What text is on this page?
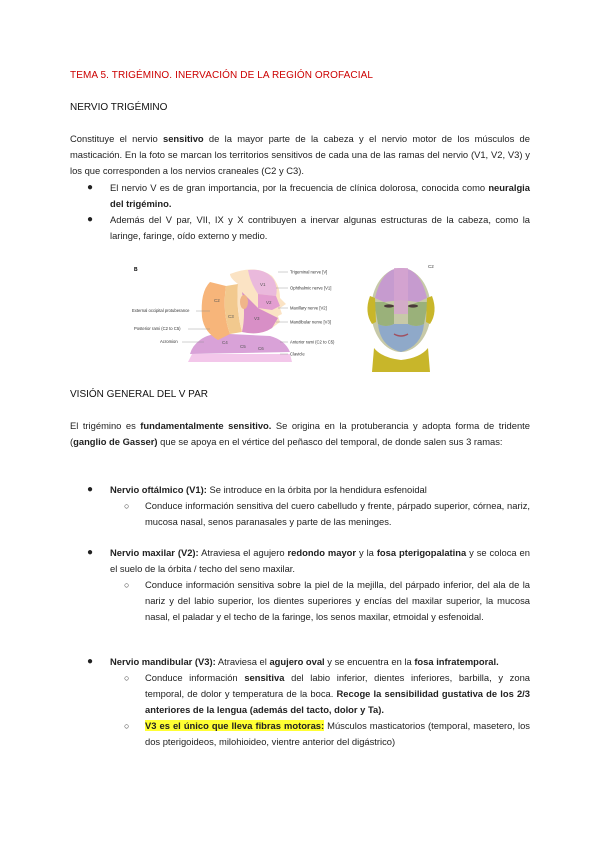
TEMA 5. TRIGÉMINO. INERVACIÓN DE LA REGIÓN OROFACIAL
NERVIO TRIGÉMINO

Constituye el nervio sensitivo de la mayor parte de la cabeza y el nervio motor de los músculos de masticación. En la foto se marcan los territorios sensitivos de cada una de las ramas del nervio (V1, V2, V3) y los que corresponden a los nervios craneales (C2 y C3).

● El nervio V es de gran importancia, por la frecuencia de clínica dolorosa, conocida como neuralgia del trigémino.
● Además del V par, VII, IX y X contribuyen a inervar algunas estructuras de la cabeza, como la laringe, faringe, oído externo y medio.
B
V1
V2
V3
C2
C3
C4
C5	C6
Trigeminal nerve [V]
Ophthalmic nerve [V1]
Maxillary nerve [V2]
Mandibular nerve [V3]
Anterior rami (C2 to C5)
Clavicle
External occipital protuberance
Posterior rami (C2 to C5)
Acromion
C2
VISIÓN GENERAL DEL V PAR

El trigémino es fundamentalmente sensitivo. Se origina en la protuberancia y adopta forma de tridente (ganglio de Gasser) que se apoya en el vértice del peñasco del temporal, de donde salen sus 3 ramas:

● Nervio oftálmico (V1): Se introduce en la órbita por la hendidura esfenoidal
○ Conduce información sensitiva del cuero cabelludo y frente, párpado superior, córnea, nariz, mucosa nasal, senos paranasales y parte de las meninges.
● Nervio maxilar (V2): Atraviesa el agujero redondo mayor y la fosa pterigopalatina y se coloca en el suelo de la órbita / techo del seno maxilar.
○ Conduce información sensitiva sobre la piel de la mejilla, del párpado inferior, del ala de la nariz y del labio superior, los dientes superiores y encías del maxilar superior, la mucosa nasal, el paladar y el techo de la faringe, los senos maxilar, etmoidal y esfenoidal.
● Nervio mandibular (V3): Atraviesa el agujero oval y se encuentra en la fosa infratemporal.
○ Conduce información sensitiva del labio inferior, dientes inferiores, barbilla, y zona temporal, de dolor y temperatura de la boca. Recoge la sensibilidad gustativa de los 2/3 anteriores de la lengua (además del tacto, dolor y Ta).
○ V3 es el único que lleva fibras motoras: Músculos masticatorios (temporal, masetero, los dos pterigoideos, milohioideo, vientre anterior del digástrico)
